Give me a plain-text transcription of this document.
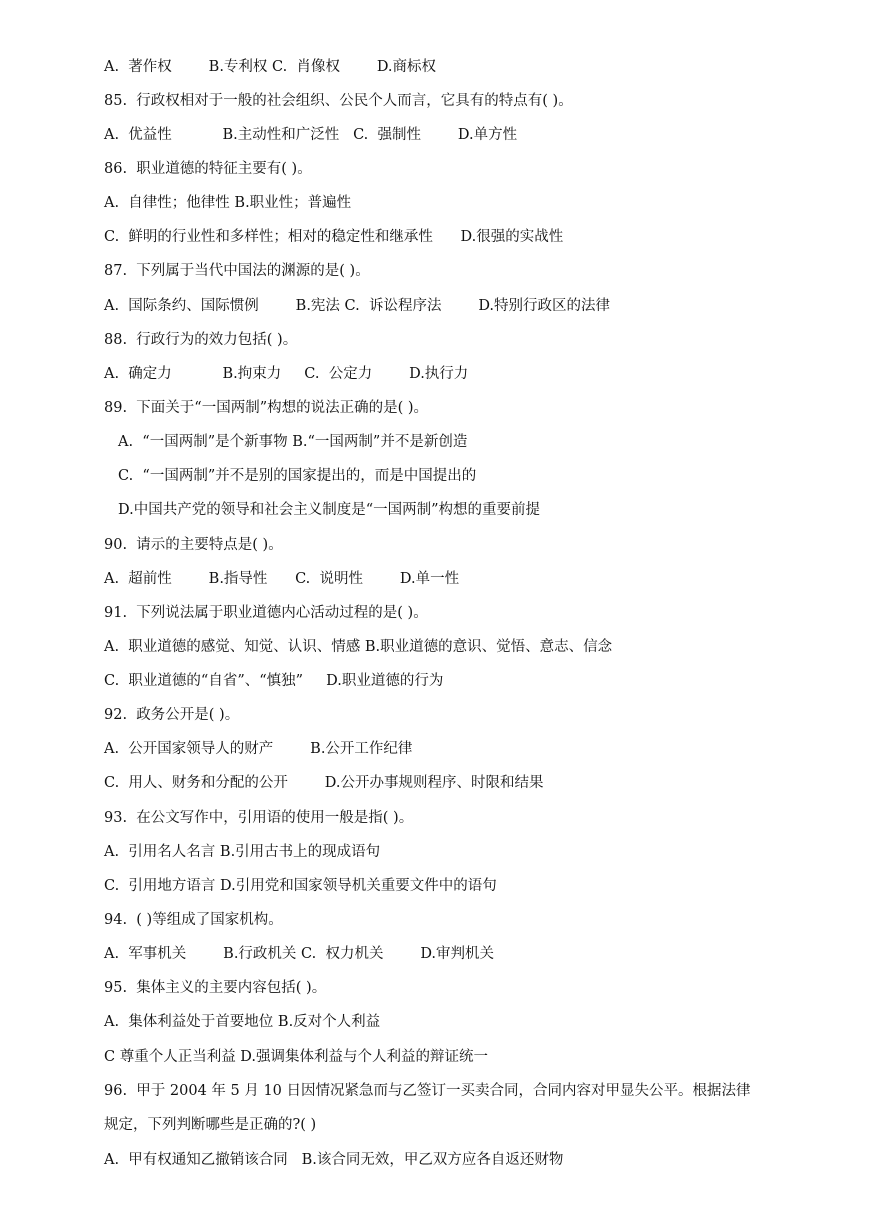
A.  著作权        B.专利权 C.  肖像权        D.商标权
85.  行政权相对于一般的社会组织、公民个人而言，它具有的特点有( )。
A.  优益性           B.主动性和广泛性   C.  强制性        D.单方性
86.  职业道德的特征主要有( )。
A.  自律性；他律性 B.职业性；普遍性
C.  鲜明的行业性和多样性；相对的稳定性和继承性      D.很强的实战性
87.  下列属于当代中国法的渊源的是( )。
A.  国际条约、国际惯例        B.宪法 C.  诉讼程序法        D.特别行政区的法律
88.  行政行为的效力包括( )。
A.  确定力           B.拘束力     C.  公定力        D.执行力
89.  下面关于“一国两制”构想的说法正确的是( )。
A.  “一国两制”是个新事物 B.“一国两制”并不是新创造
C.  “一国两制”并不是别的国家提出的，而是中国提出的
D.中国共产党的领导和社会主义制度是“一国两制”构想的重要前提
90.  请示的主要特点是( )。
A.  超前性        B.指导性      C.  说明性        D.单一性
91.  下列说法属于职业道德内心活动过程的是( )。
A.  职业道德的感觉、知觉、认识、情感 B.职业道德的意识、觉悟、意志、信念
C.  职业道德的“自省”、“慎独”     D.职业道德的行为
92.  政务公开是( )。
A.  公开国家领导人的财产        B.公开工作纪律
C.  用人、财务和分配的公开        D.公开办事规则程序、时限和结果
93.  在公文写作中，引用语的使用一般是指( )。
A.  引用名人名言 B.引用古书上的现成语句
C.  引用地方语言 D.引用党和国家领导机关重要文件中的语句
94.  ( )等组成了国家机构。
A.  军事机关        B.行政机关 C.  权力机关        D.审判机关
95.  集体主义的主要内容包括( )。
A.  集体利益处于首要地位 B.反对个人利益
C 尊重个人正当利益 D.强调集体利益与个人利益的辩证统一
96.  甲于 2004 年 5 月 10 日因情况紧急而与乙签订一买卖合同，合同内容对甲显失公平。根据法律
规定，下列判断哪些是正确的?( )
A.  甲有权通知乙撤销该合同   B.该合同无效，甲乙双方应各自返还财物
